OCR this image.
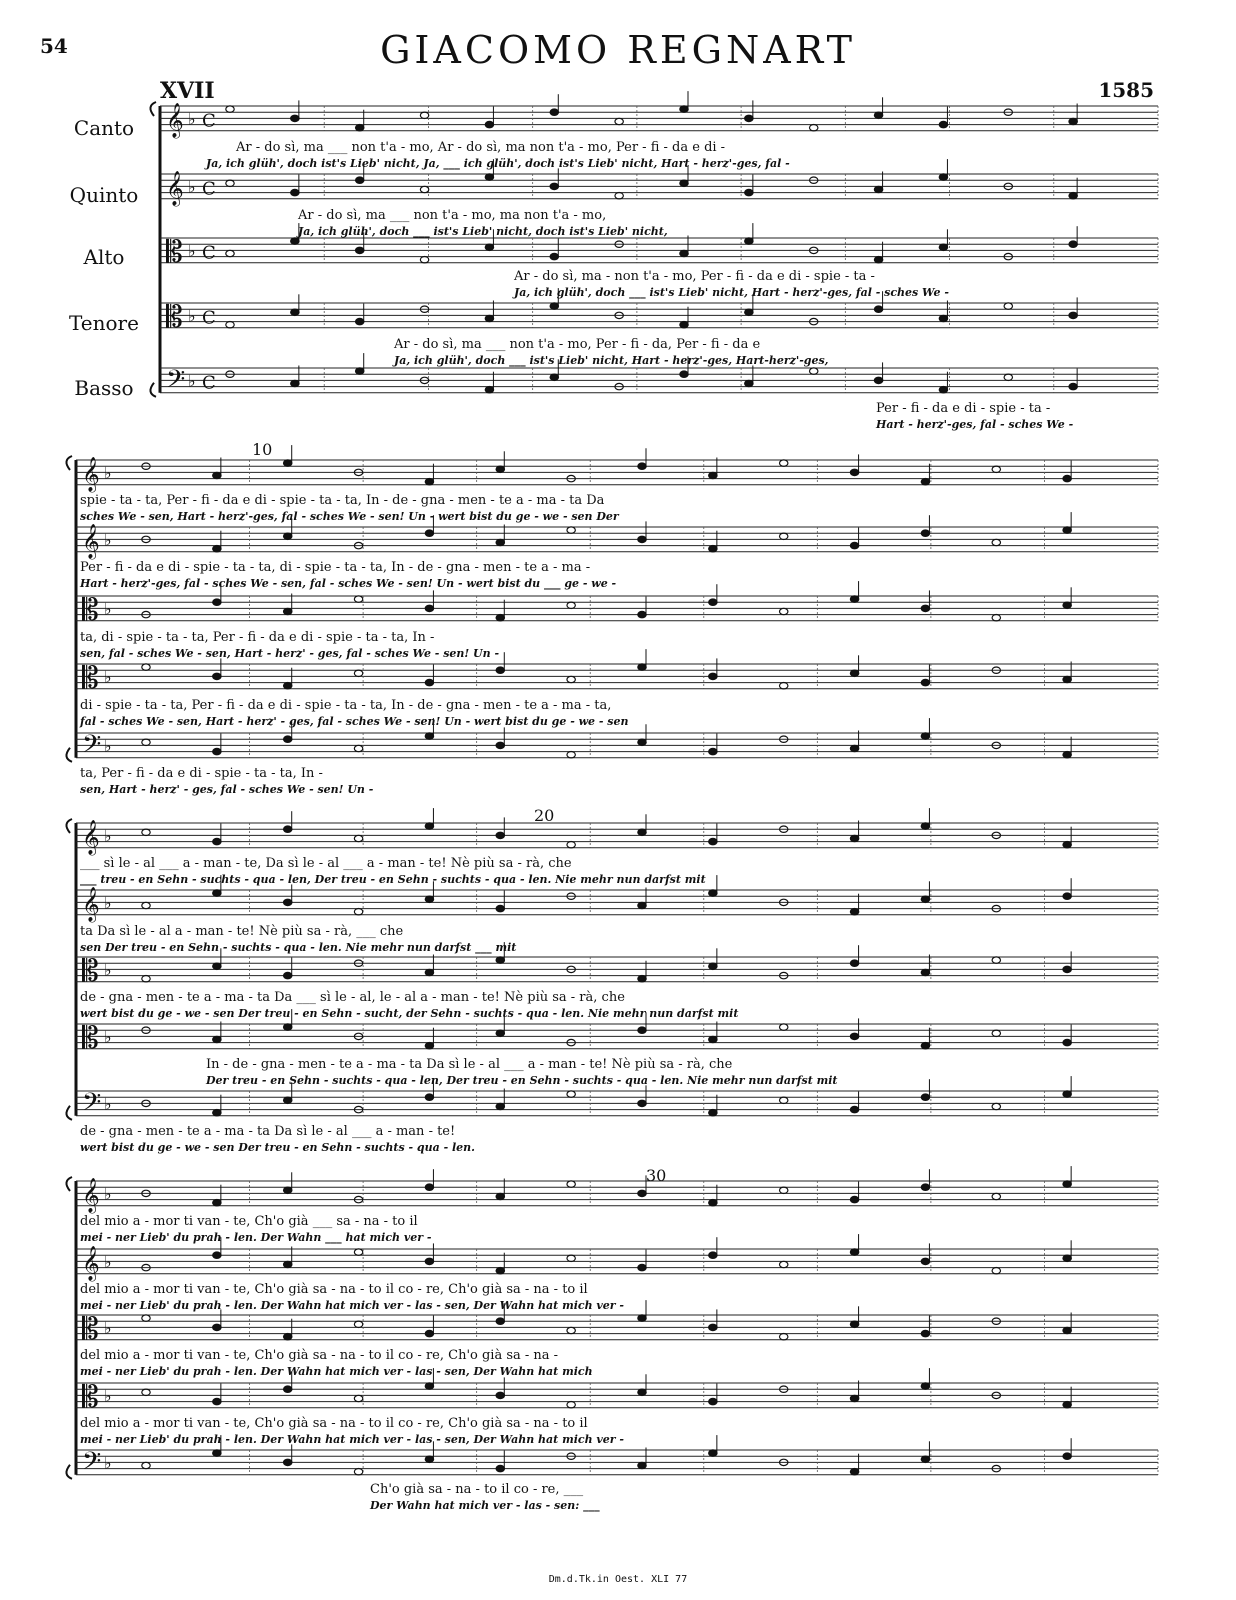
54	GIACOMO REGNART
XVII	1585
Canto
Quinto
Alto
Tenore
Basso
10
20
30
𝄞 ♭ C
𝄞 ♭ C
𝄡 ♭ C
𝄡 ♭ C
𝄢 ♭ C
𝄞 ♭
𝄞 ♭
𝄡 ♭
𝄡 ♭
𝄢 ♭
𝄞 ♭
𝄞 ♭
𝄡 ♭
𝄡 ♭
𝄢 ♭
𝄞 ♭
𝄞 ♭
𝄡 ♭
𝄡 ♭
𝄢 ♭
Ar - do sì, ma ___ non t'a - mo, Ar - do sì, ma non t'a - mo, Per - fi - da e di -
Ja, ich glüh', doch ist's Lieb' nicht, Ja, ___ ich glüh', doch ist's Lieb' nicht, Hart - herz'-ges, fal -
Ar - do sì, ma ___ non t'a - mo, ma non t'a - mo,
Ja, ich glüh', doch ___ ist's Lieb' nicht, doch ist's Lieb' nicht,
Ar - do sì, ma - non t'a - mo, Per - fi - da e di - spie - ta -
Ja, ich glüh', doch ___ ist's Lieb' nicht, Hart - herz'-ges, fal - sches We -
Ar - do sì, ma ___ non t'a - mo, Per - fi - da, Per - fi - da e
Ja, ich glüh', doch ___ ist's Lieb' nicht, Hart - herz'-ges, Hart-herz'-ges,
Per - fi - da e di - spie - ta -
Hart - herz'-ges, fal - sches We -
spie - ta - ta, Per - fi - da e di - spie - ta - ta, In - de - gna - men - te a - ma - ta Da
sches We - sen, Hart - herz'-ges, fal - sches We - sen! Un - wert bist du ge - we - sen Der
Per - fi - da e di - spie - ta - ta, di - spie - ta - ta, In - de - gna - men - te a - ma -
Hart - herz'-ges, fal - sches We - sen, fal - sches We - sen! Un - wert bist du ___ ge - we -
ta, di - spie - ta - ta, Per - fi - da e di - spie - ta - ta, In -
sen, fal - sches We - sen, Hart - herz' - ges, fal - sches We - sen! Un -
di - spie - ta - ta, Per - fi - da e di - spie - ta - ta, In - de - gna - men - te a - ma - ta,
fal - sches We - sen, Hart - herz' - ges, fal - sches We - sen! Un - wert bist du ge - we - sen
ta, Per - fi - da e di - spie - ta - ta, In -
sen, Hart - herz' - ges, fal - sches We - sen! Un -
___ sì le - al ___ a - man - te, Da sì le - al ___ a - man - te! Nè più sa - rà, che
___ treu - en Sehn - suchts - qua - len, Der treu - en Sehn - suchts - qua - len. Nie mehr nun darfst mit
ta Da sì le - al a - man - te! Nè più sa - rà, ___ che
sen Der treu - en Sehn - suchts - qua - len. Nie mehr nun darfst ___ mit
de - gna - men - te a - ma - ta Da ___ sì le - al, le - al a - man - te! Nè più sa - rà, che
wert bist du ge - we - sen Der treu - en Sehn - sucht, der Sehn - suchts - qua - len. Nie mehr nun darfst mit
In - de - gna - men - te a - ma - ta Da sì le - al ___ a - man - te! Nè più sa - rà, che
Der treu - en Sehn - suchts - qua - len, Der treu - en Sehn - suchts - qua - len. Nie mehr nun darfst mit
de - gna - men - te a - ma - ta Da sì le - al ___ a - man - te!
wert bist du ge - we - sen Der treu - en Sehn - suchts - qua - len.
del mio a - mor ti van - te, Ch'o già ___ sa - na - to il
mei - ner Lieb' du prah - len. Der Wahn ___ hat mich ver -
del mio a - mor ti van - te, Ch'o già sa - na - to il co - re, Ch'o già sa - na - to il
mei - ner Lieb' du prah - len. Der Wahn hat mich ver - las - sen, Der Wahn hat mich ver -
del mio a - mor ti van - te, Ch'o già sa - na - to il co - re, Ch'o già sa - na -
mei - ner Lieb' du prah - len. Der Wahn hat mich ver - las - sen, Der Wahn hat mich
del mio a - mor ti van - te, Ch'o già sa - na - to il co - re, Ch'o già sa - na - to il
mei - ner Lieb' du prah - len. Der Wahn hat mich ver - las - sen, Der Wahn hat mich ver -
Ch'o già sa - na - to il co - re, ___
Der Wahn hat mich ver - las - sen: ___
Dm.d.Tk.in Oest. XLI 77
